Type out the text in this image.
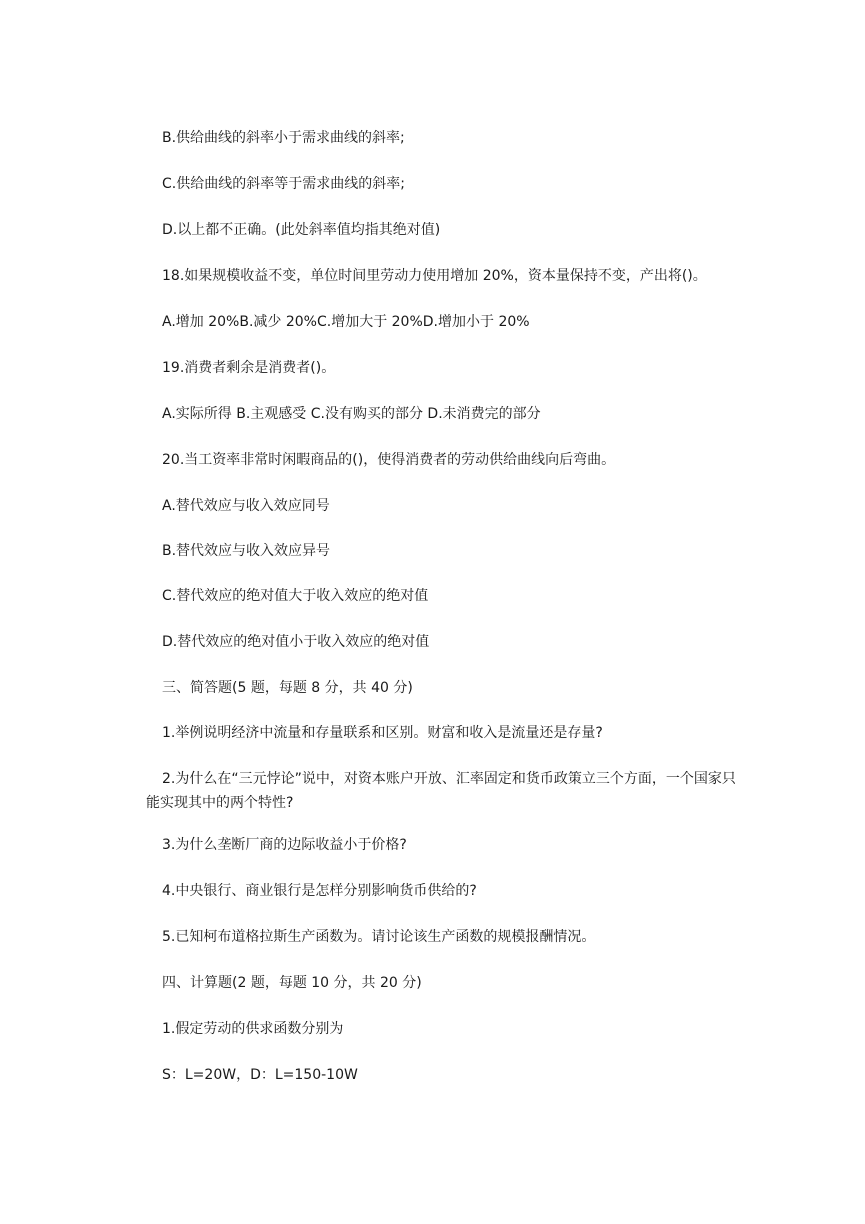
B.供给曲线的斜率小于需求曲线的斜率;

C.供给曲线的斜率等于需求曲线的斜率;

D.以上都不正确。(此处斜率值均指其绝对值)

18.如果规模收益不变，单位时间里劳动力使用增加 20%，资本量保持不变，产出将()。

A.增加 20%B.减少 20%C.增加大于 20%D.增加小于 20%

19.消费者剩余是消费者()。

A.实际所得 B.主观感受 C.没有购买的部分 D.未消费完的部分

20.当工资率非常时闲暇商品的()，使得消费者的劳动供给曲线向后弯曲。

A.替代效应与收入效应同号

B.替代效应与收入效应异号

C.替代效应的绝对值大于收入效应的绝对值

D.替代效应的绝对值小于收入效应的绝对值

三、简答题(5 题，每题 8 分，共 40 分)

1.举例说明经济中流量和存量联系和区别。财富和收入是流量还是存量?

2.为什么在“三元悖论”说中，对资本账户开放、汇率固定和货币政策立三个方面，一个国家只能实现其中的两个特性?

3.为什么垄断厂商的边际收益小于价格?

4.中央银行、商业银行是怎样分别影响货币供给的?

5.已知柯布道格拉斯生产函数为。请讨论该生产函数的规模报酬情况。

四、计算题(2 题，每题 10 分，共 20 分)

1.假定劳动的供求函数分别为

S：L=20W，D：L=150-10W
